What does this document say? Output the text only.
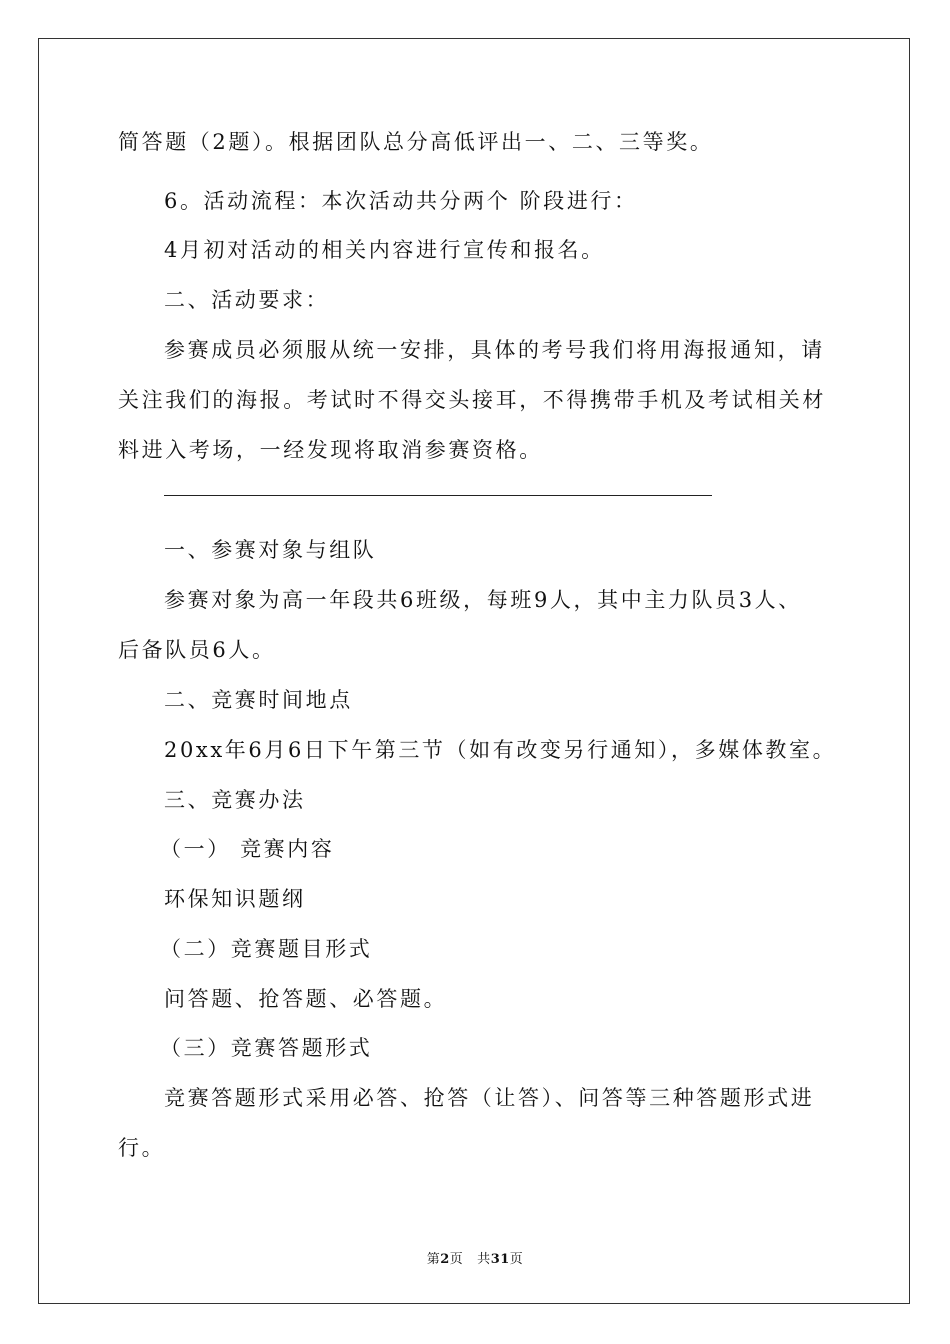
简答题（2题）。根据团队总分高低评出一、二、三等奖。
6。活动流程：本次活动共分两个 阶段进行：
4月初对活动的相关内容进行宣传和报名。
二、活动要求：
参赛成员必须服从统一安排，具体的考号我们将用海报通知，请
关注我们的海报。考试时不得交头接耳，不得携带手机及考试相关材
料进入考场，一经发现将取消参赛资格。
一、参赛对象与组队
参赛对象为高一年段共6班级，每班9人，其中主力队员3人、
后备队员6人。
二、竞赛时间地点
20xx年6月6日下午第三节（如有改变另行通知），多媒体教室。
三、竞赛办法
（一） 竞赛内容
环保知识题纲
（二）竞赛题目形式
问答题、抢答题、必答题。
（三）竞赛答题形式
竞赛答题形式采用必答、抢答（让答）、问答等三种答题形式进
行。
第2页 共31页
